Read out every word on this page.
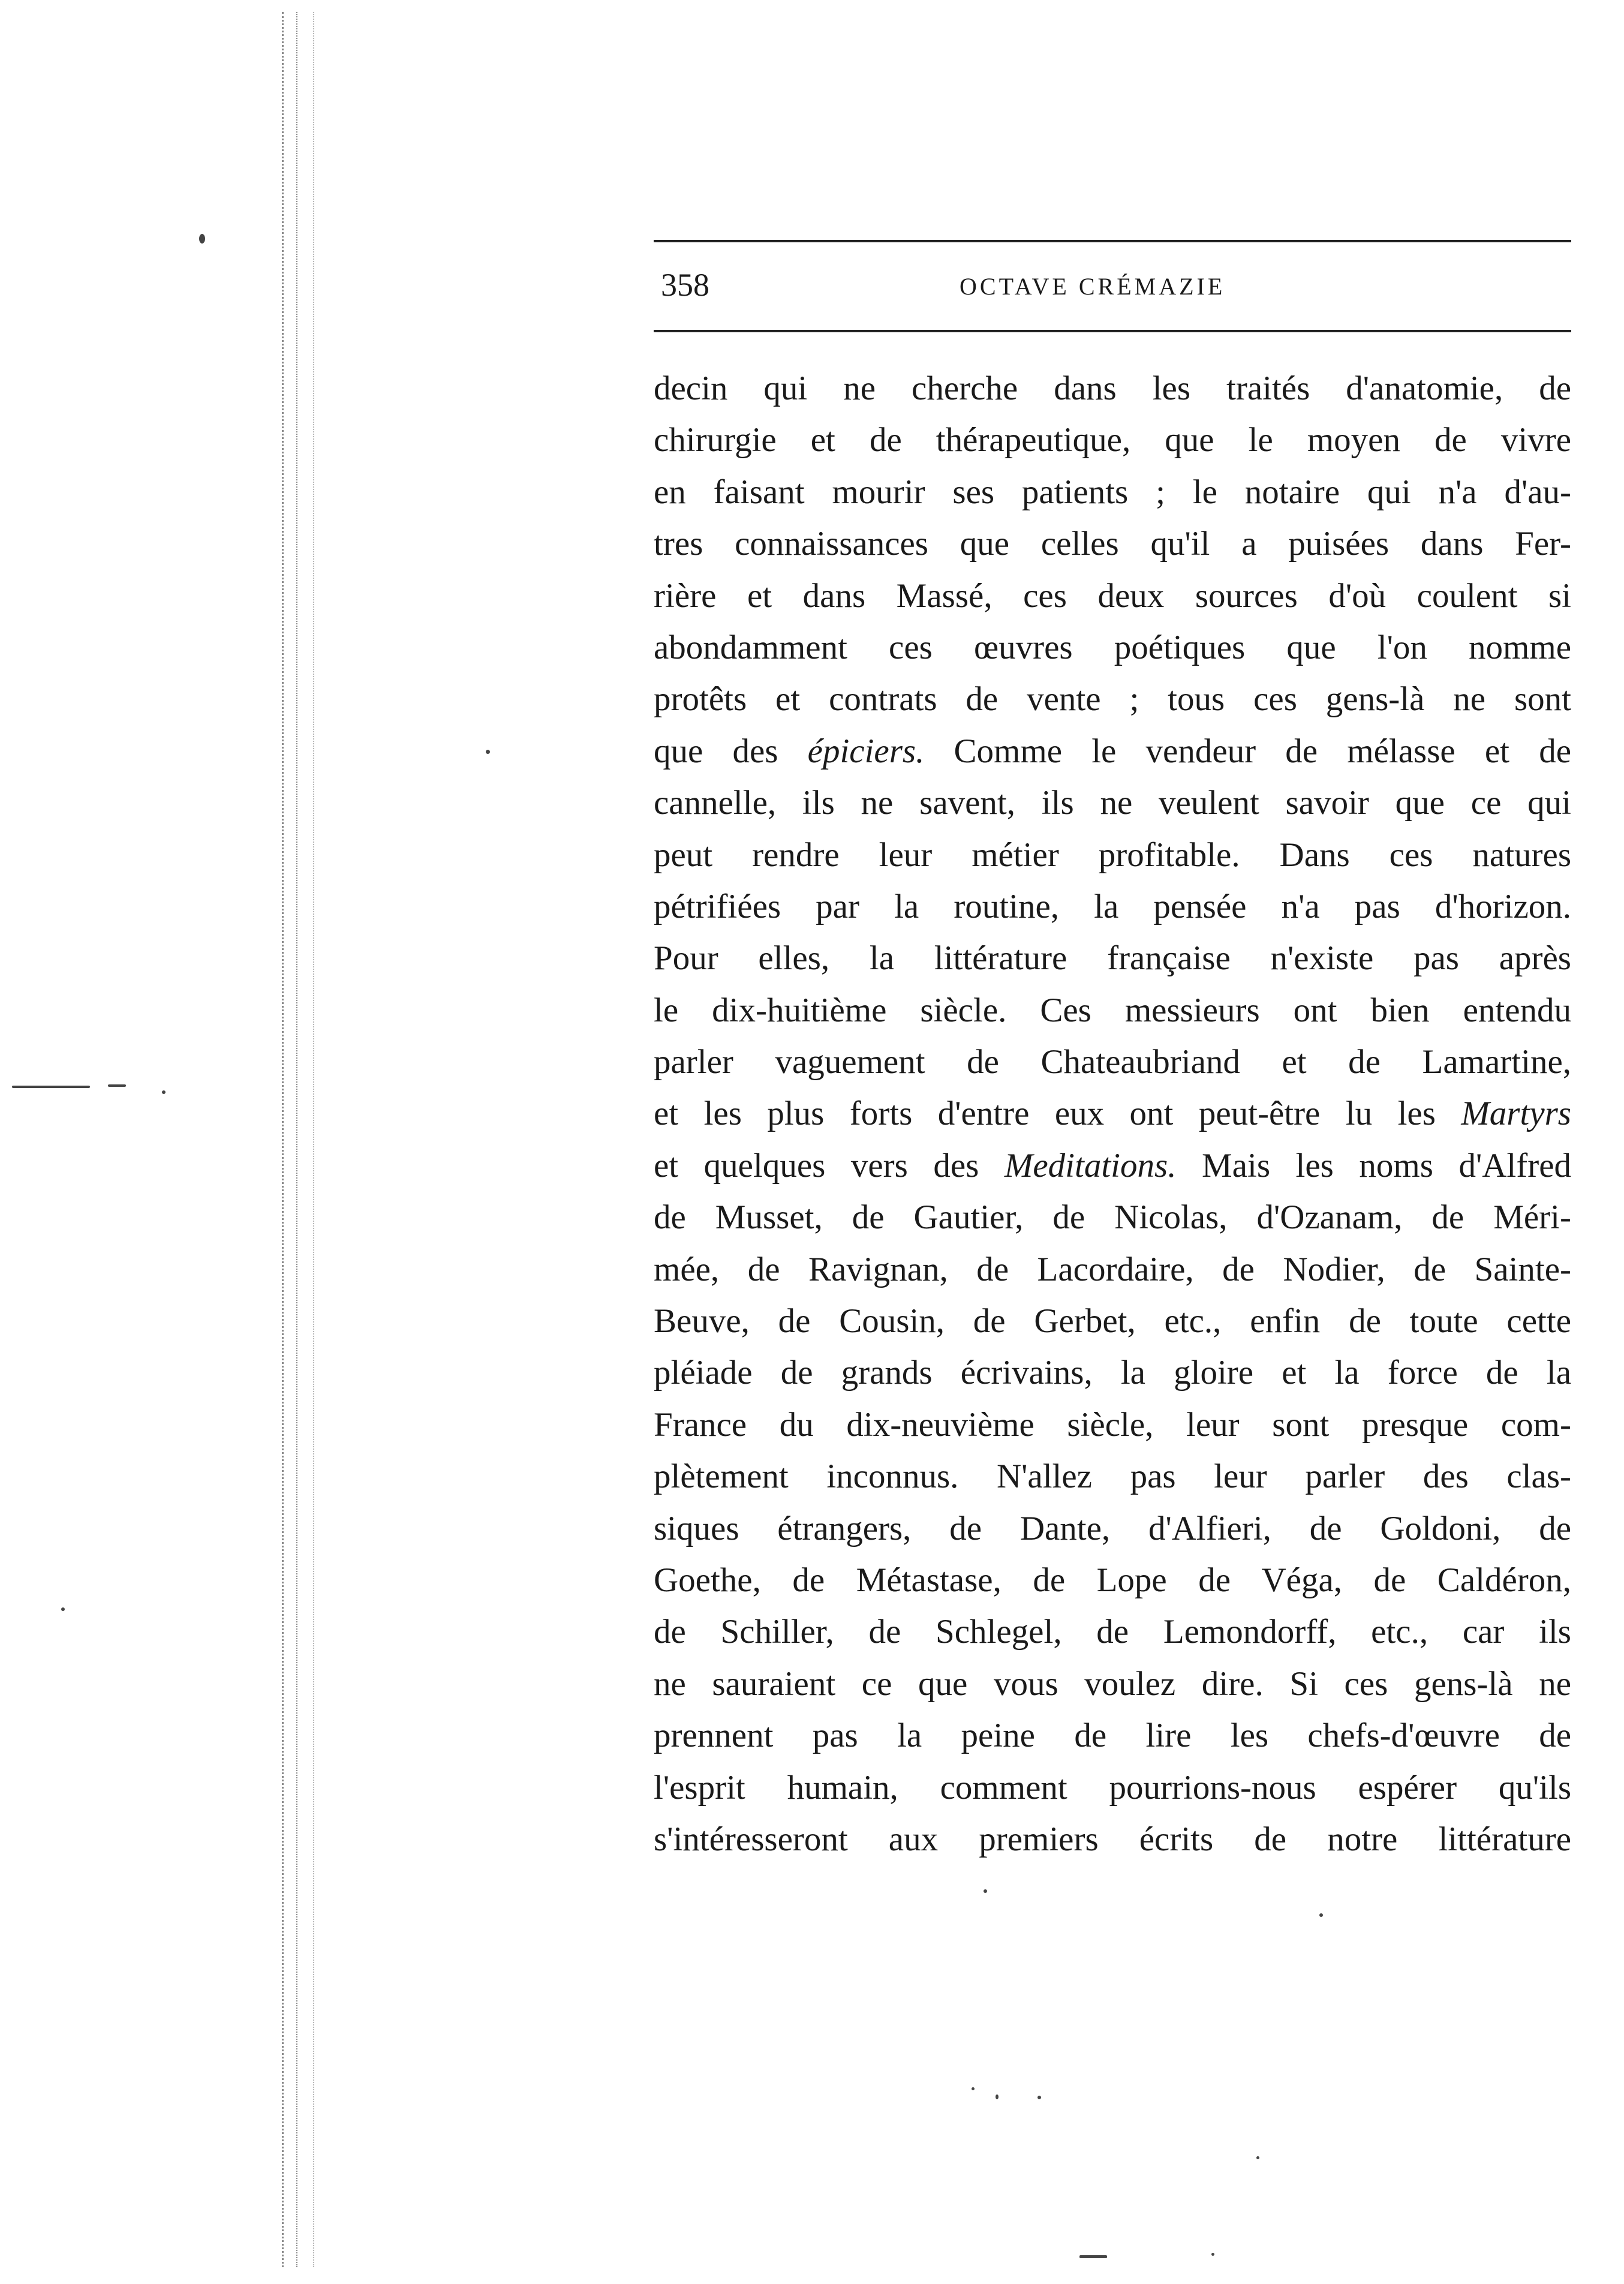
358	OCTAVE CRÉMAZIE
decin qui ne cherche dans les traités d'anatomie, de
chirurgie et de thérapeutique, que le moyen de vivre
en faisant mourir ses patients ; le notaire qui n'a d'au-
tres connaissances que celles qu'il a puisées dans Fer-
rière et dans Massé, ces deux sources d'où coulent si
abondamment ces œuvres poétiques que l'on nomme
protêts et contrats de vente ; tous ces gens-là ne sont
que des épiciers. Comme le vendeur de mélasse et de
cannelle, ils ne savent, ils ne veulent savoir que ce qui
peut rendre leur métier profitable. Dans ces natures
pétrifiées par la routine, la pensée n'a pas d'horizon.
Pour elles, la littérature française n'existe pas après
le dix-huitième siècle. Ces messieurs ont bien entendu
parler vaguement de Chateaubriand et de Lamartine,
et les plus forts d'entre eux ont peut-être lu les Martyrs
et quelques vers des Meditations. Mais les noms d'Alfred
de Musset, de Gautier, de Nicolas, d'Ozanam, de Méri-
mée, de Ravignan, de Lacordaire, de Nodier, de Sainte-
Beuve, de Cousin, de Gerbet, etc., enfin de toute cette
pléiade de grands écrivains, la gloire et la force de la
France du dix-neuvième siècle, leur sont presque com-
plètement inconnus. N'allez pas leur parler des clas-
siques étrangers, de Dante, d'Alfieri, de Goldoni, de
Goethe, de Métastase, de Lope de Véga, de Caldéron,
de Schiller, de Schlegel, de Lemondorff, etc., car ils
ne sauraient ce que vous voulez dire. Si ces gens-là ne
prennent pas la peine de lire les chefs-d'œuvre de
l'esprit humain, comment pourrions-nous espérer qu'ils
s'intéresseront aux premiers écrits de notre littérature
